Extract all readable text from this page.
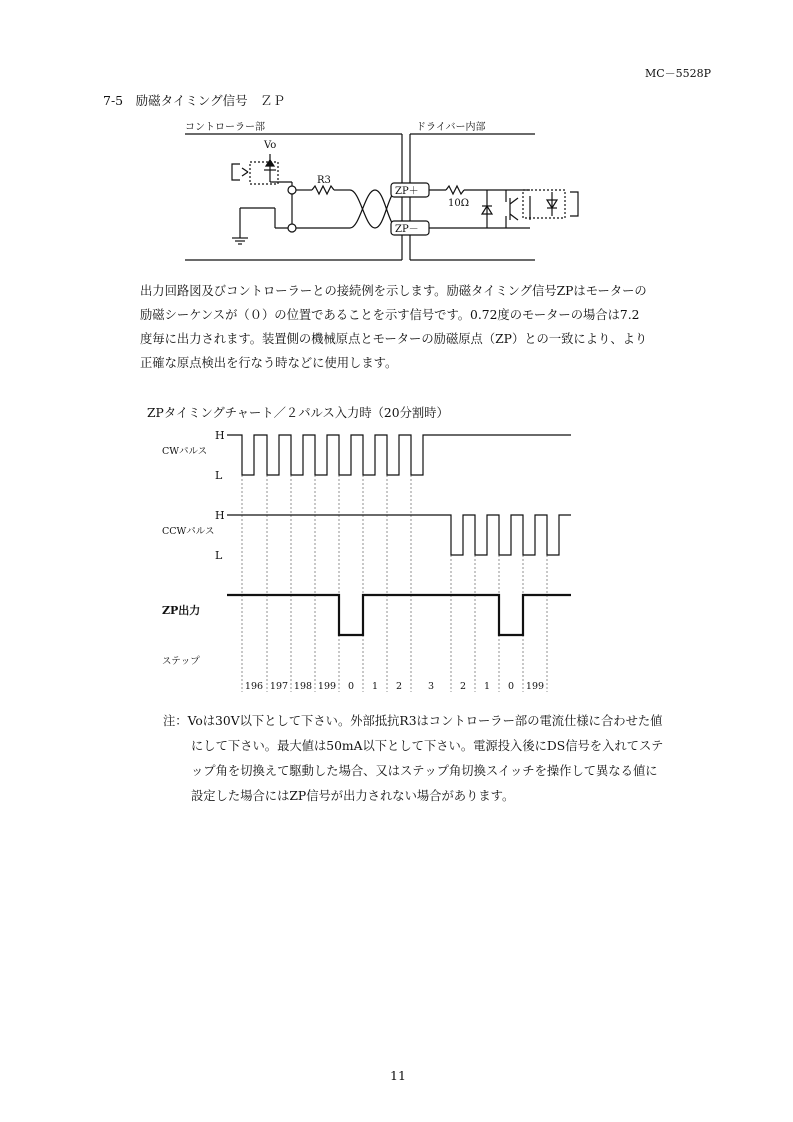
MC－5528P
7-5　励磁タイミング信号　ＺＰ
コントローラー部	ドライバー内部
Vo
R3
ZP＋
ZP－
10Ω
出力回路図及びコントローラーとの接続例を示します。励磁タイミング信号ZPはモーターの
励磁シーケンスが（０）の位置であることを示す信号です。0.72度のモーターの場合は7.2
度毎に出力されます。装置側の機械原点とモーターの励磁原点（ZP）との一致により、より
正確な原点検出を行なう時などに使用します。
ZPタイミングチャート／２パルス入力時（20分割時）
CWパルス
CCWパルス
ステップ
H
L
H
L
ZP出力
196 197 198 199 0 1 2	3	2 1 0 199
注：Voは30V以下として下さい。外部抵抗R3はコントローラー部の電流仕様に合わせた値
にして下さい。最大値は50mA以下として下さい。電源投入後にDS信号を入れてステ
ップ角を切換えて駆動した場合、又はステップ角切換スイッチを操作して異なる値に
設定した場合にはZP信号が出力されない場合があります。
11
